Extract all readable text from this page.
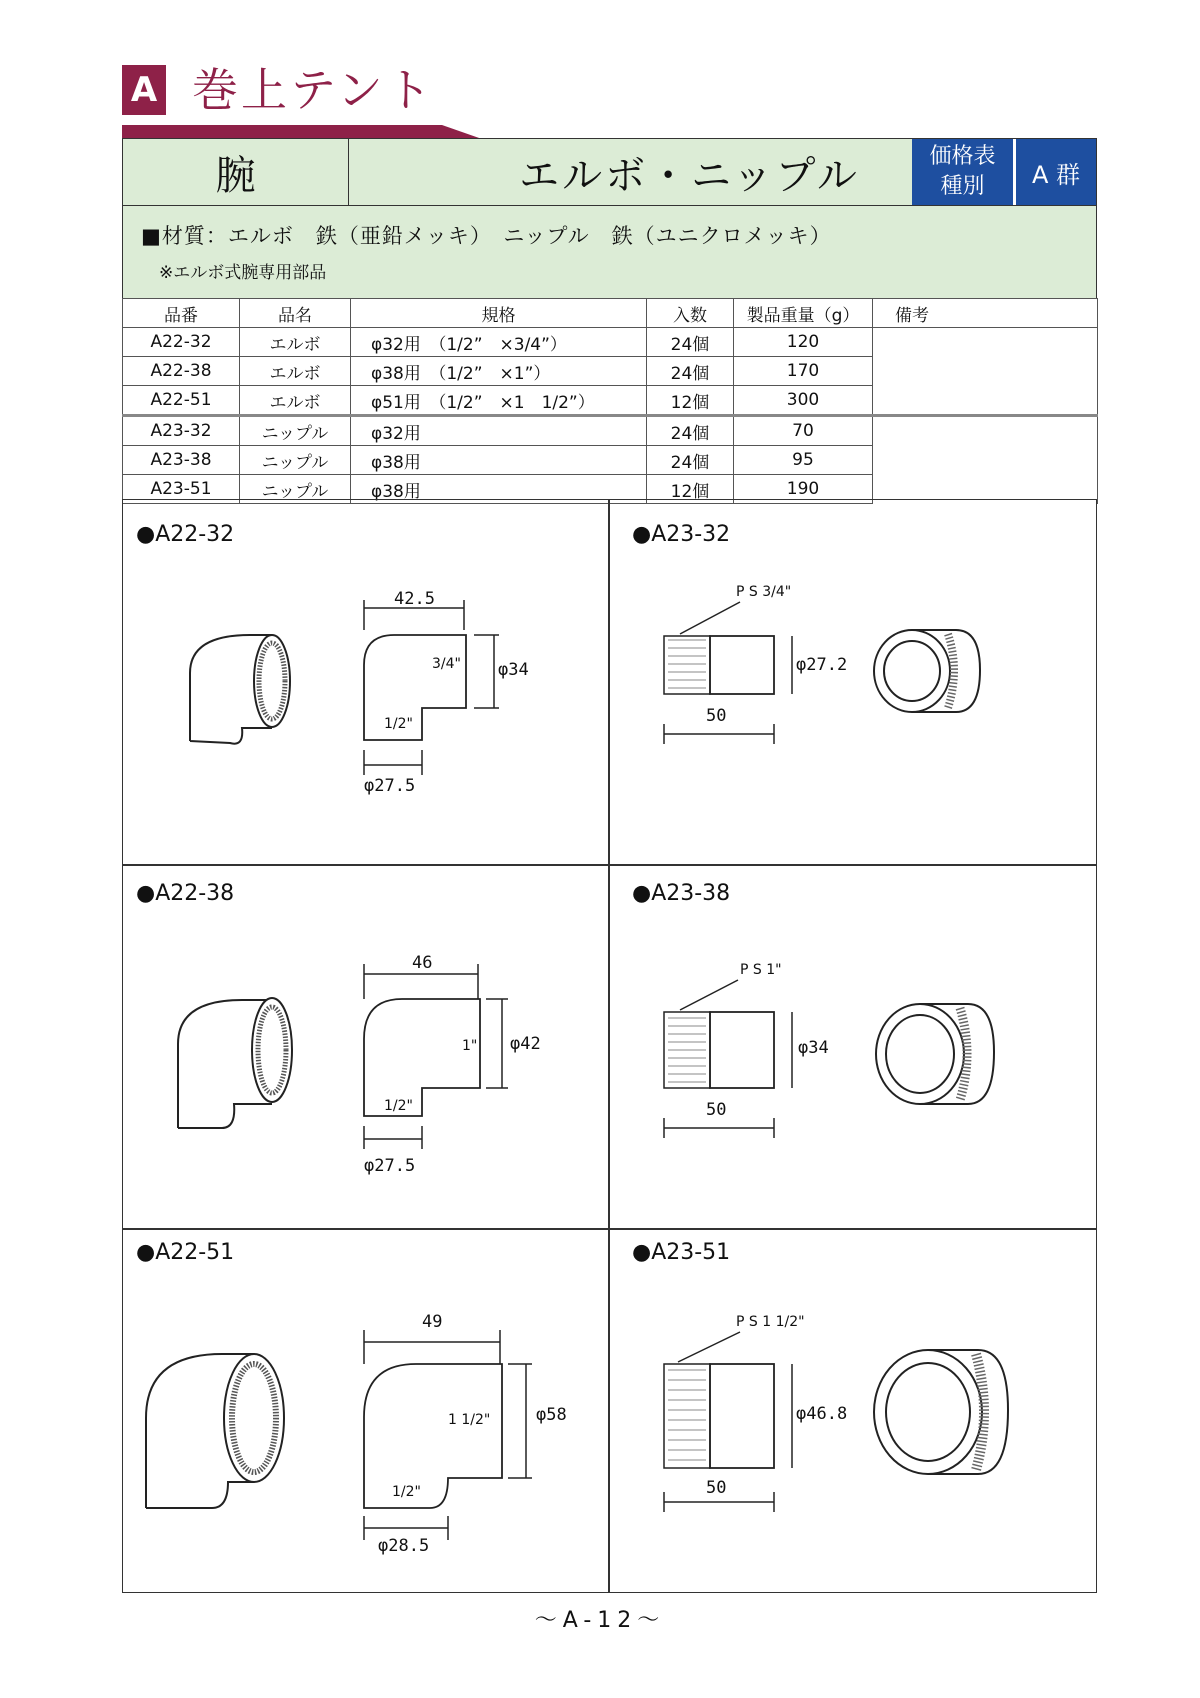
A 巻上テント
腕	エルボ・ニップル	価格表
種別	A 群
■材質：エルボ　鉄（亜鉛メッキ）　ニップル　鉄（ユニクロメッキ）
※エルボ式腕専用部品
品番	品名	規格	入数	製品重量（g）	備考
A22-32	エルボ	φ32用　（1/2”　×3/4”）	24個	120	
A22-38	エルボ	φ38用　（1/2”　×1”）	24個	170	
A22-51	エルボ	φ51用　（1/2”　×1　1/2”）	12個	300	
A23-32	ニップル	φ32用	24個	70	
A23-38	ニップル	φ38用	24個	95	
A23-51	ニップル	φ38用	12個	190	
●A22-32
42.5
φ34
3/4"
1/2"
φ27.5
●A23-32
P S 3/4"
φ27.2
50
●A22-38
46
φ42
1"
1/2"
φ27.5
●A23-38
P S 1"
φ34
50
●A22-51
49
φ58
1 1/2"
1/2"
φ28.5
●A23-51
P S 1 1/2"
φ46.8
50
～A-12～
